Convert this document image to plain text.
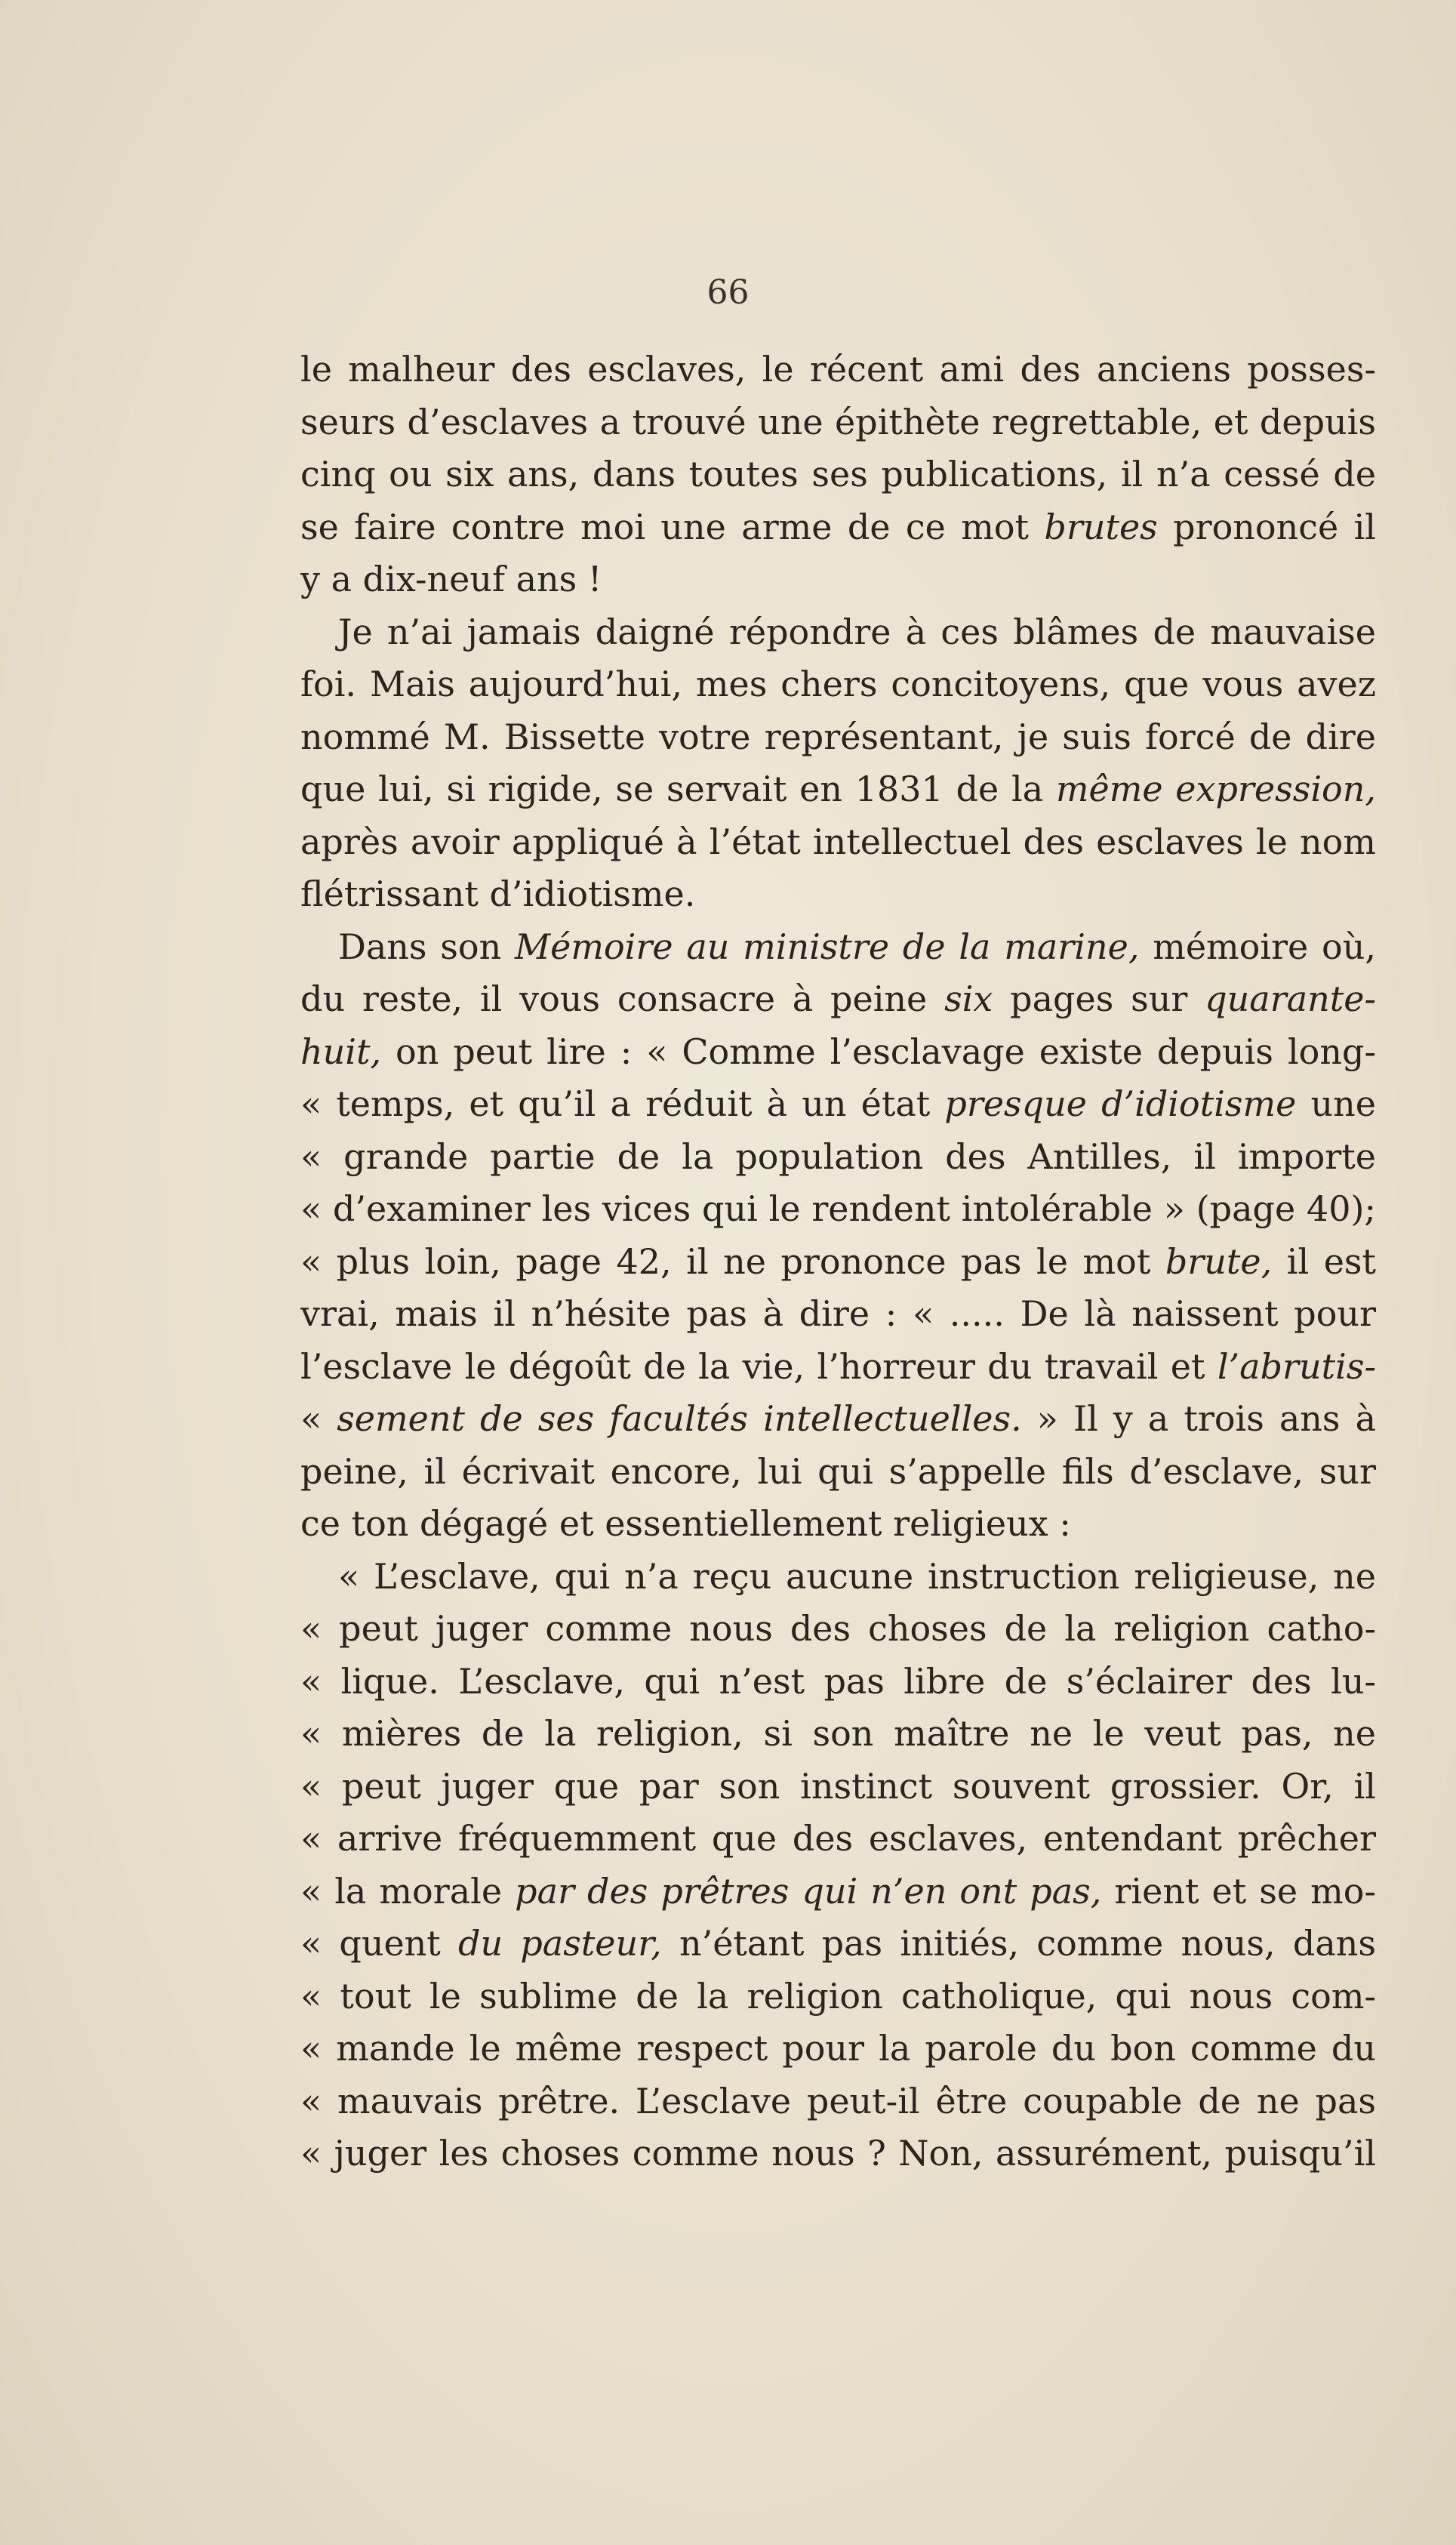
66
le malheur des esclaves, le récent ami des anciens posses-
seurs d’esclaves a trouvé une épithète regrettable, et depuis
cinq ou six ans, dans toutes ses publications, il n’a cessé de
se faire contre moi une arme de ce mot brutes prononcé il
y a dix-neuf ans !
Je n’ai jamais daigné répondre à ces blâmes de mauvaise
foi. Mais aujourd’hui, mes chers concitoyens, que vous avez
nommé M. Bissette votre représentant, je suis forcé de dire
que lui, si rigide, se servait en 1831 de la même expression,
après avoir appliqué à l’état intellectuel des esclaves le nom
flétrissant d’idiotisme.
Dans son Mémoire au ministre de la marine, mémoire où,
du reste, il vous consacre à peine six pages sur quarante-
huit, on peut lire : « Comme l’esclavage existe depuis long-
« temps, et qu’il a réduit à un état presque d’idiotisme une
« grande partie de la population des Antilles, il importe
« d’examiner les vices qui le rendent intolérable » (page 40);
« plus loin, page 42, il ne prononce pas le mot brute, il est
vrai, mais il n’hésite pas à dire : « ..... De là naissent pour
l’esclave le dégoût de la vie, l’horreur du travail et l’abrutis-
« sement de ses facultés intellectuelles. » Il y a trois ans à
peine, il écrivait encore, lui qui s’appelle fils d’esclave, sur
ce ton dégagé et essentiellement religieux :
« L’esclave, qui n’a reçu aucune instruction religieuse, ne
« peut juger comme nous des choses de la religion catho-
« lique. L’esclave, qui n’est pas libre de s’éclairer des lu-
« mières de la religion, si son maître ne le veut pas, ne
« peut juger que par son instinct souvent grossier. Or, il
« arrive fréquemment que des esclaves, entendant prêcher
« la morale par des prêtres qui n’en ont pas, rient et se mo-
« quent du pasteur, n’étant pas initiés, comme nous, dans
« tout le sublime de la religion catholique, qui nous com-
« mande le même respect pour la parole du bon comme du
« mauvais prêtre. L’esclave peut-il être coupable de ne pas
« juger les choses comme nous ? Non, assurément, puisqu’il
